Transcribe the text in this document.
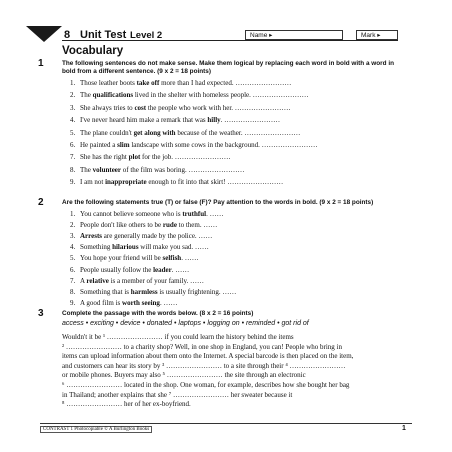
8 Unit Test Level 2	Name ▸	Mark ▸
Vocabulary
1	The following sentences do not make sense. Make them logical by replacing each word in bold with a word in bold from a different sentence. (9 x 2 = 18 points)
1. Those leather boots take off more than I had expected. ……………………
2. The qualifications lived in the shelter with homeless people. ……………………
3. She always tries to cost the people who work with her. ……………………
4. I've never heard him make a remark that was hilly. ……………………
5. The plane couldn't get along with because of the weather. ……………………
6. He painted a slim landscape with some cows in the background. ……………………
7. She has the right plot for the job. ……………………
8. The volunteer of the film was boring. ……………………
9. I am not inappropriate enough to fit into that skirt! ……………………
2	Are the following statements true (T) or false (F)? Pay attention to the words in bold. (9 x 2 = 18 points)
1. You cannot believe someone who is truthful. ……
2. People don't like others to be rude to them. ……
3. Arrests are generally made by the police. ……
4. Something hilarious will make you sad. ……
5. You hope your friend will be selfish. ……
6. People usually follow the leader. ……
7. A relative is a member of your family. ……
8. Something that is harmless is usually frightening. ……
9. A good film is worth seeing. ……
3	Complete the passage with the words below. (8 x 2 = 16 points)
access • exciting • device • donated • laptops • logging on • reminded • got rid of
Wouldn't it be ¹ …………………… if you could learn the history behind the items
² …………………… to a charity shop? Well, in one shop in England, you can! People who bring in
items can upload information about them onto the Internet. A special barcode is then placed on the item,
and customers can hear its story by ³ …………………… to a site through their ⁴ ……………………
or mobile phones. Buyers may also ⁵ …………………… the site through an electronic
⁶ …………………… located in the shop. One woman, for example, describes how she bought her bag
in Thailand; another explains that she ⁷ …………………… her sweater because it
⁸ …………………… her of her ex-boyfriend.
CONTRAST 1 Photocopiable © A Burlington Books	1
